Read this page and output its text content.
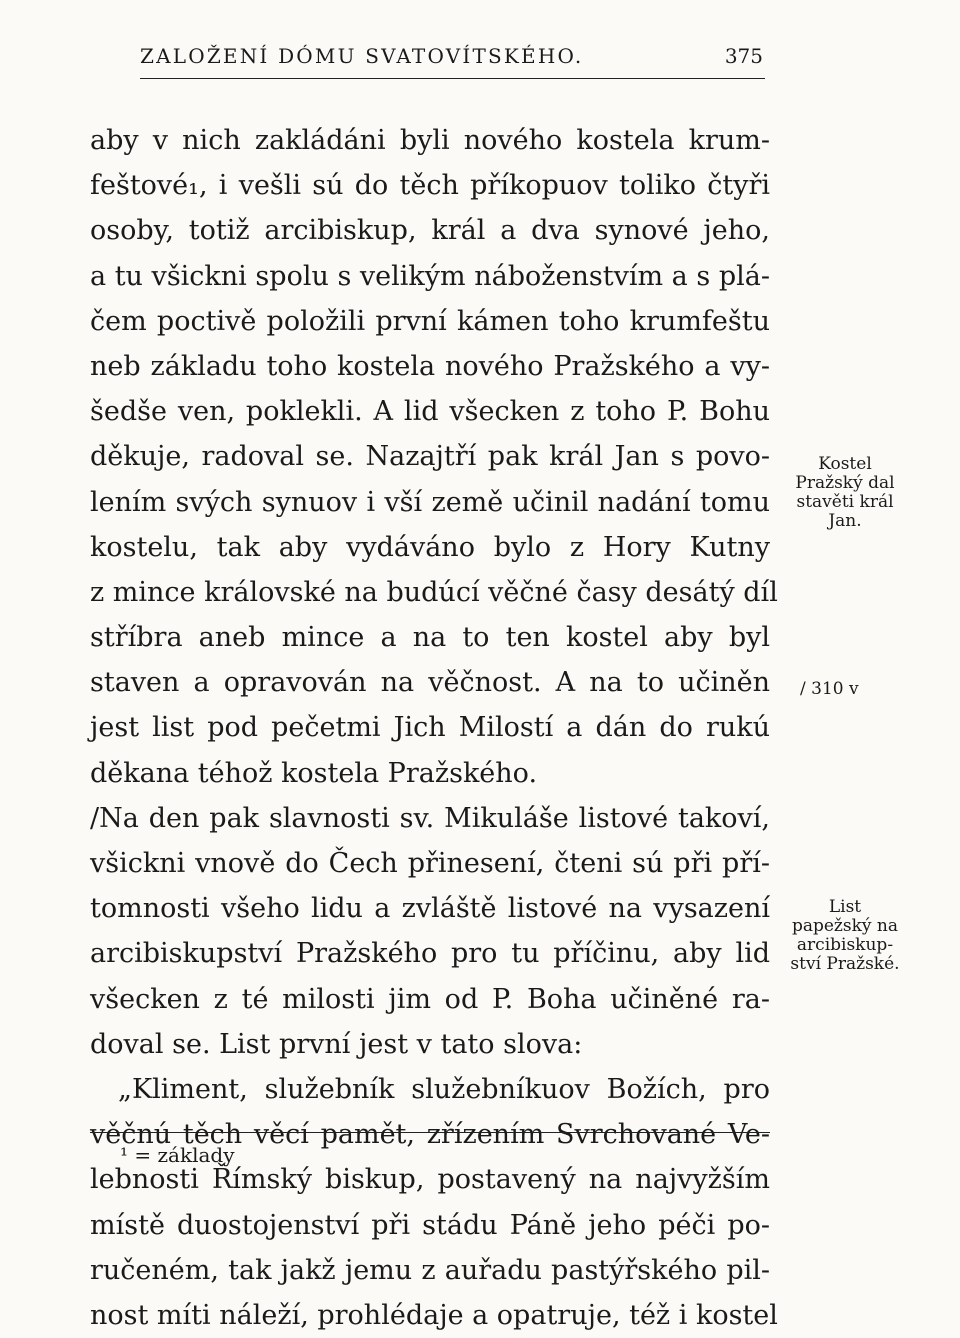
ZALOŽENÍ DÓMU SVATOVÍTSKÉHO.	375
aby v nich zakládáni byli nového kostela krum-
feštové₁, i vešli sú do těch příkopuov toliko čtyři
osoby, totiž arcibiskup, král a dva synové jeho,
a tu všickni spolu s velikým náboženstvím a s plá-
čem poctivě položili první kámen toho krumfeštu
neb základu toho kostela nového Pražského a vy-
šedše ven, poklekli. A lid všecken z toho P. Bohu
děkuje, radoval se. Nazajtří pak král Jan s povo-
lením svých synuov i vší země učinil nadání tomu
kostelu, tak aby vydáváno bylo z Hory Kutny
z mince královské na budúcí věčné časy desátý díl
stříbra aneb mince a na to ten kostel aby byl
staven a opravován na věčnost. A na to učiněn
jest list pod pečetmi Jich Milostí a dán do rukú
děkana téhož kostela Pražského.
/Na den pak slavnosti sv. Mikuláše listové takoví,
všickni vnově do Čech přinesení, čteni sú při pří-
tomnosti všeho lidu a zvláště listové na vysazení
arcibiskupství Pražského pro tu příčinu, aby lid
všecken z té milosti jim od P. Boha učiněné ra-
doval se. List první jest v tato slova:
„Kliment, služebník služebníkuov Božích, pro
věčnú těch věcí pamět, zřízením Svrchované Ve-
lebnosti Římský biskup, postavený na najvyžším
místě duostojenství při stádu Páně jeho péči po-
ručeném, tak jakž jemu z auřadu pastýřského pil-
nost míti náleží, prohlédaje a opatruje, též i kostel
Kostel
Pražský dal
stavěti král
Jan.
/ 310 v
List
papežský na
arcibiskup-
ství Pražské.
¹ = základy
